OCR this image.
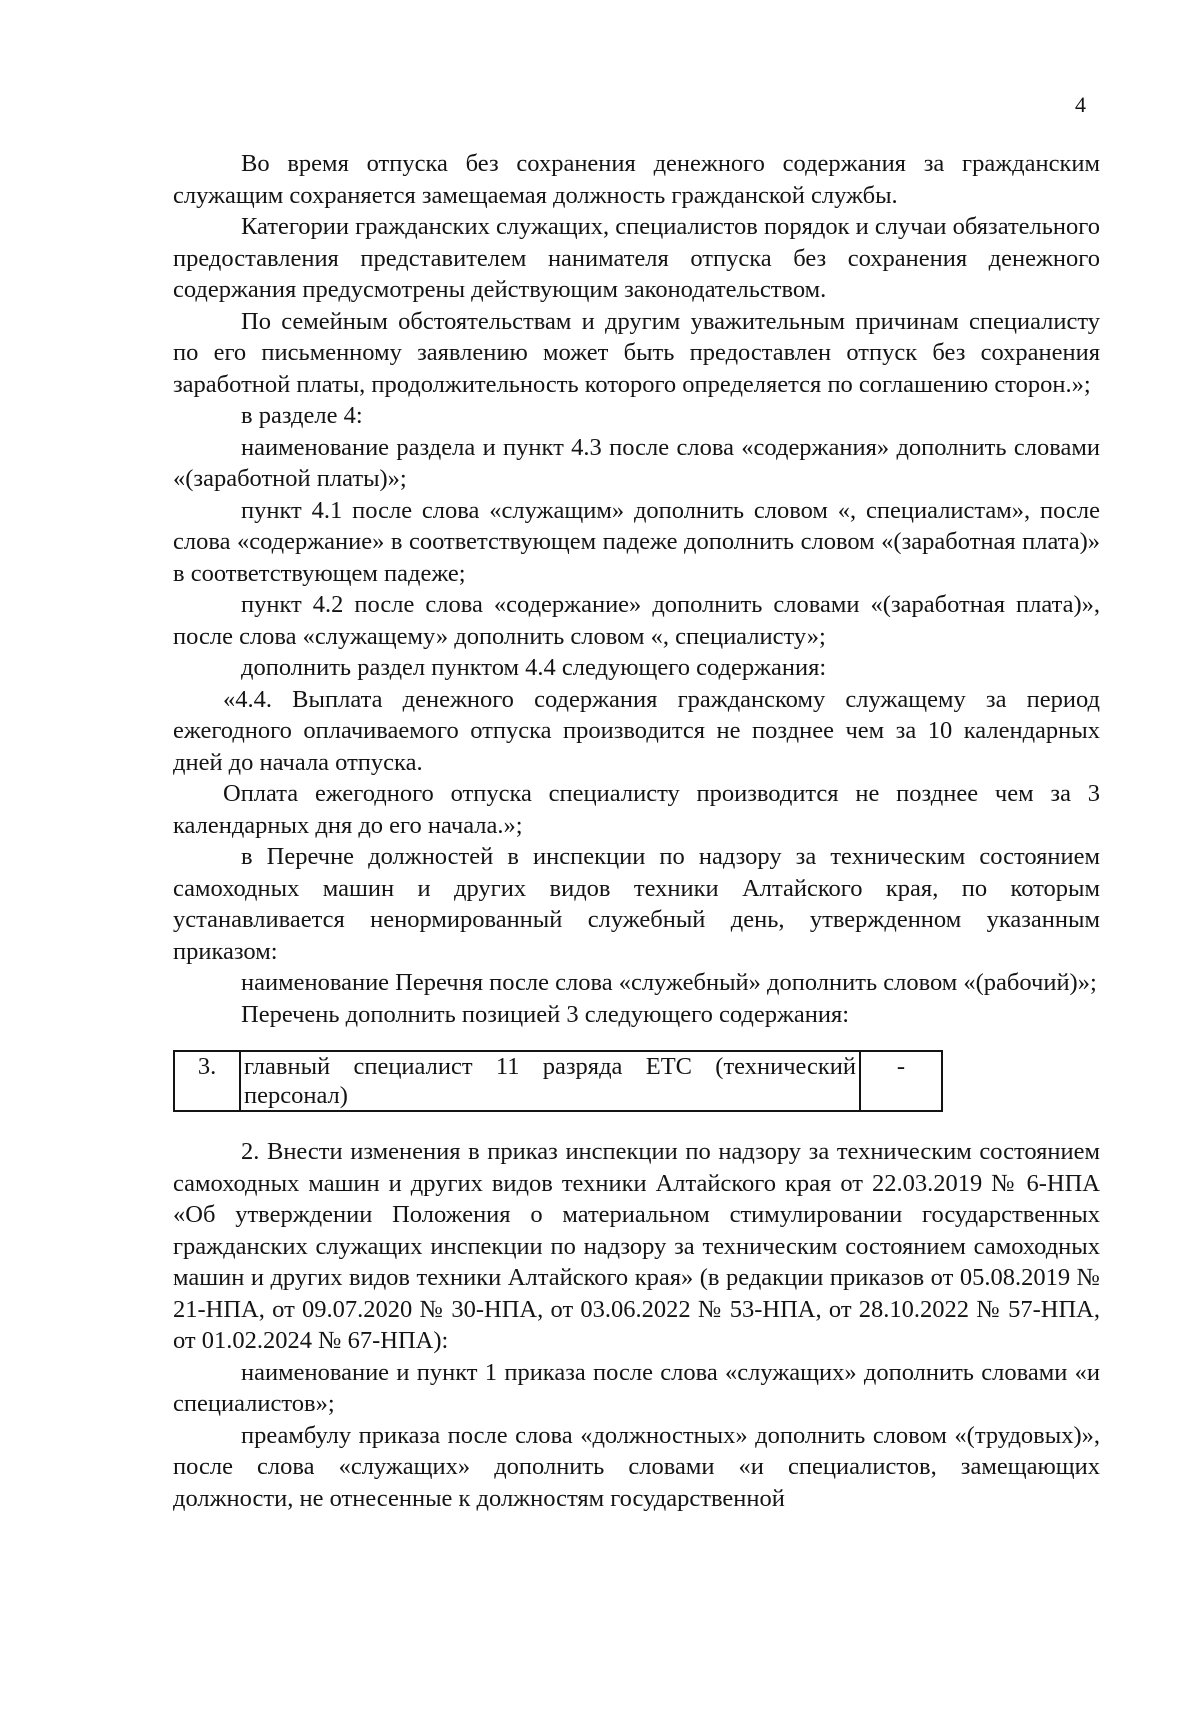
4

Во время отпуска без сохранения денежного содержания за гражданским служащим сохраняется замещаемая должность гражданской службы.

Категории гражданских служащих, специалистов порядок и случаи обязательного предоставления представителем нанимателя отпуска без сохранения денежного содержания предусмотрены действующим законодательством.

По семейным обстоятельствам и другим уважительным причинам специалисту по его письменному заявлению может быть предоставлен отпуск без сохранения заработной платы, продолжительность которого определяется по соглашению сторон.»;

в разделе 4:

наименование раздела и пункт 4.3 после слова «содержания» дополнить словами «(заработной платы)»;

пункт 4.1 после слова «служащим» дополнить словом «, специалистам», после слова «содержание» в соответствующем падеже дополнить словом «(заработная плата)» в соответствующем падеже;

пункт 4.2 после слова «содержание» дополнить словами «(заработная плата)», после слова «служащему» дополнить словом «, специалисту»;

дополнить раздел пунктом 4.4 следующего содержания:

«4.4. Выплата денежного содержания гражданскому служащему за период ежегодного оплачиваемого отпуска производится не позднее чем за 10 календарных дней до начала отпуска.

Оплата ежегодного отпуска специалисту производится не позднее чем за 3 календарных дня до его начала.»;

в Перечне должностей в инспекции по надзору за техническим состоянием самоходных машин и других видов техники Алтайского края, по которым устанавливается ненормированный служебный день, утвержденном указанным приказом:

наименование Перечня после слова «служебный» дополнить словом «(рабочий)»;

Перечень дополнить позицией 3 следующего содержания:

3.	главный специалист 11 разряда ЕТС (технический персонал)	-

2. Внести изменения в приказ инспекции по надзору за техническим состоянием самоходных машин и других видов техники Алтайского края от 22.03.2019 № 6-НПА «Об утверждении Положения о материальном стимулировании государственных гражданских служащих инспекции по надзору за техническим состоянием самоходных машин и других видов техники Алтайского края» (в редакции приказов от 05.08.2019 № 21-НПА, от 09.07.2020 № 30-НПА, от 03.06.2022 № 53-НПА, от 28.10.2022 № 57-НПА, от 01.02.2024 № 67-НПА):

наименование и пункт 1 приказа после слова «служащих» дополнить словами «и специалистов»;

преамбулу приказа после слова «должностных» дополнить словом «(трудовых)», после слова «служащих» дополнить словами «и специалистов, замещающих должности, не отнесенные к должностям государственной
